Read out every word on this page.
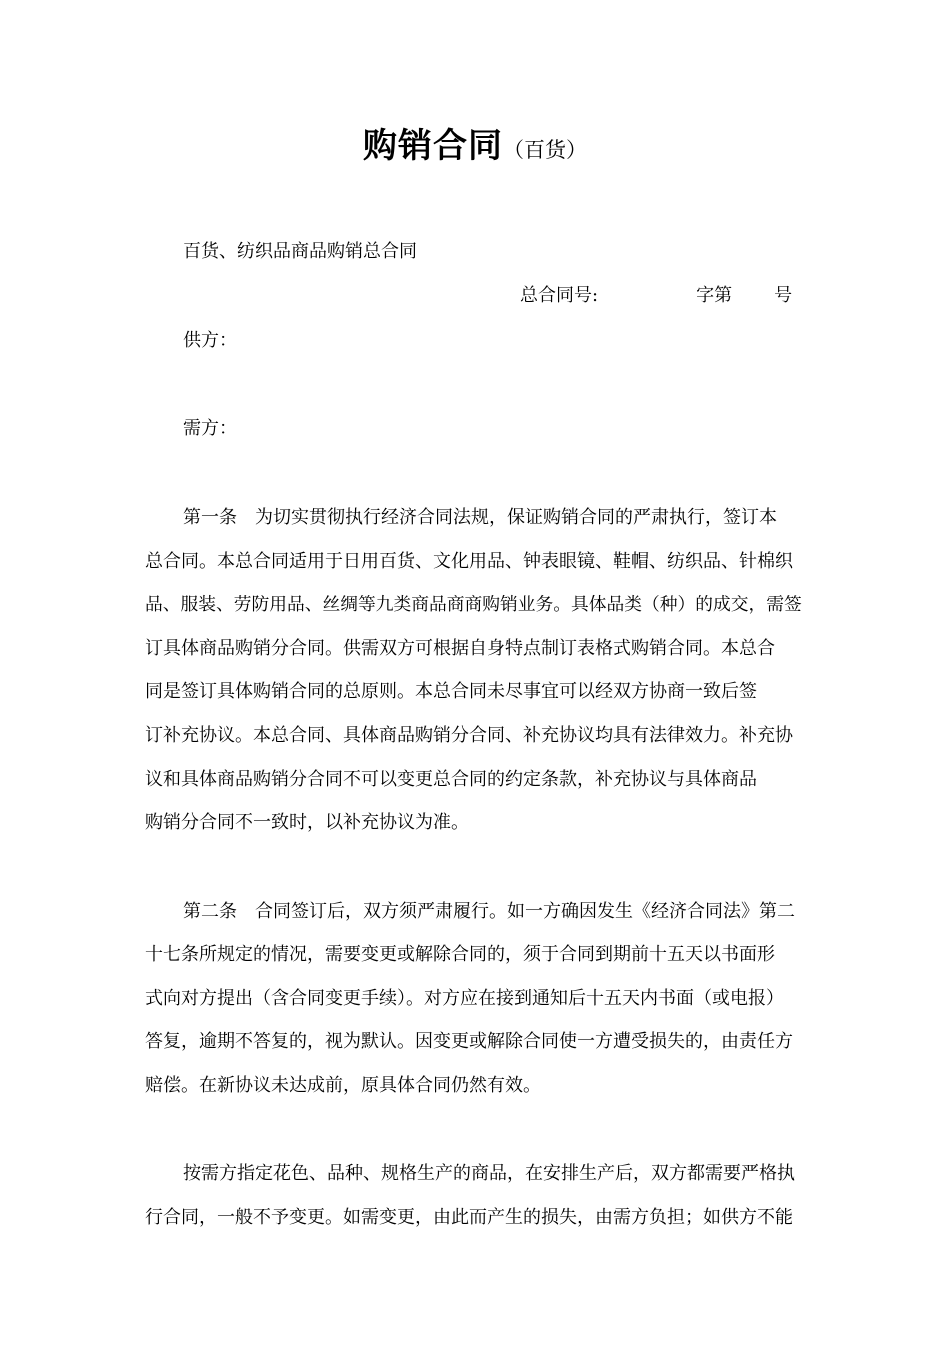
购销合同（百货）
百货、纺织品商品购销总合同
总合同号:	字第 号
供方：
需方：
第一条　为切实贯彻执行经济合同法规，保证购销合同的严肃执行，签订本
总合同。本总合同适用于日用百货、文化用品、钟表眼镜、鞋帽、纺织品、针棉织
品、服装、劳防用品、丝绸等九类商品商商购销业务。具体品类（种）的成交，需签
订具体商品购销分合同。供需双方可根据自身特点制订表格式购销合同。本总合
同是签订具体购销合同的总原则。本总合同未尽事宜可以经双方协商一致后签
订补充协议。本总合同、具体商品购销分合同、补充协议均具有法律效力。补充协
议和具体商品购销分合同不可以变更总合同的约定条款，补充协议与具体商品
购销分合同不一致时，以补充协议为准。
第二条　合同签订后，双方须严肃履行。如一方确因发生《经济合同法》第二
十七条所规定的情况，需要变更或解除合同的，须于合同到期前十五天以书面形
式向对方提出（含合同变更手续）。对方应在接到通知后十五天内书面（或电报）
答复，逾期不答复的，视为默认。因变更或解除合同使一方遭受损失的，由责任方
赔偿。在新协议未达成前，原具体合同仍然有效。
按需方指定花色、品种、规格生产的商品，在安排生产后，双方都需要严格执
行合同，一般不予变更。如需变更，由此而产生的损失，由需方负担；如供方不能
